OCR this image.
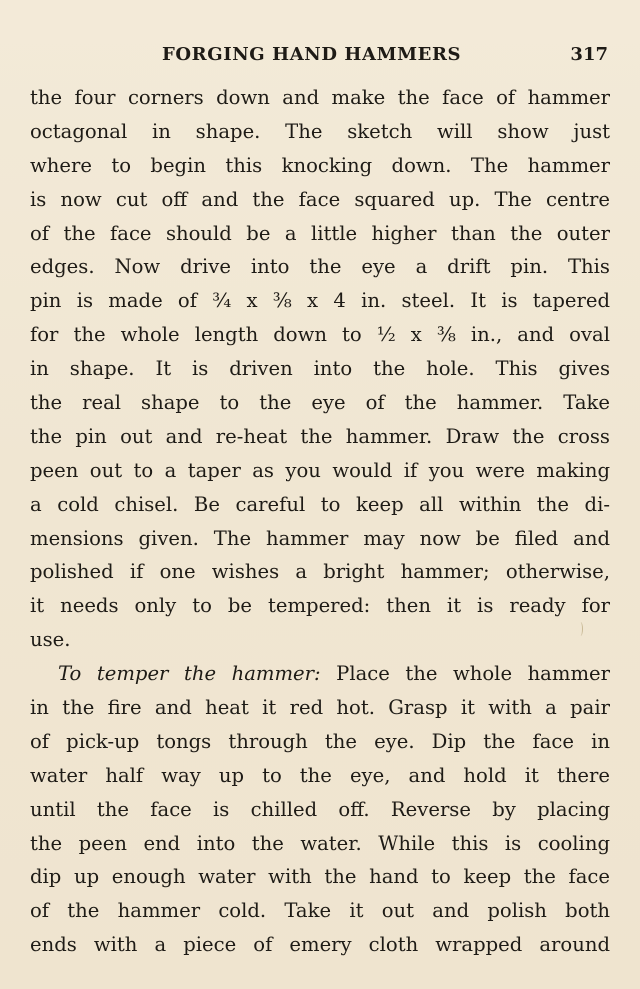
FORGING HAND HAMMERS	317
the four corners down and make the face of hammer
octagonal in shape. The sketch will show just
where to begin this knocking down. The hammer
is now cut off and the face squared up. The centre
of the face should be a little higher than the outer
edges. Now drive into the eye a drift pin. This
pin is made of ¾ x ⅜ x 4 in. steel. It is tapered
for the whole length down to ½ x ⅜ in., and oval
in shape. It is driven into the hole. This gives
the real shape to the eye of the hammer. Take
the pin out and re-heat the hammer. Draw the cross
peen out to a taper as you would if you were making
a cold chisel. Be careful to keep all within the di-
mensions given. The hammer may now be filed and
polished if one wishes a bright hammer; otherwise,
it needs only to be tempered: then it is ready for
use.
To temper the hammer: Place the whole hammer
in the fire and heat it red hot. Grasp it with a pair
of pick-up tongs through the eye. Dip the face in
water half way up to the eye, and hold it there
until the face is chilled off. Reverse by placing
the peen end into the water. While this is cooling
dip up enough water with the hand to keep the face
of the hammer cold. Take it out and polish both
ends with a piece of emery cloth wrapped around
